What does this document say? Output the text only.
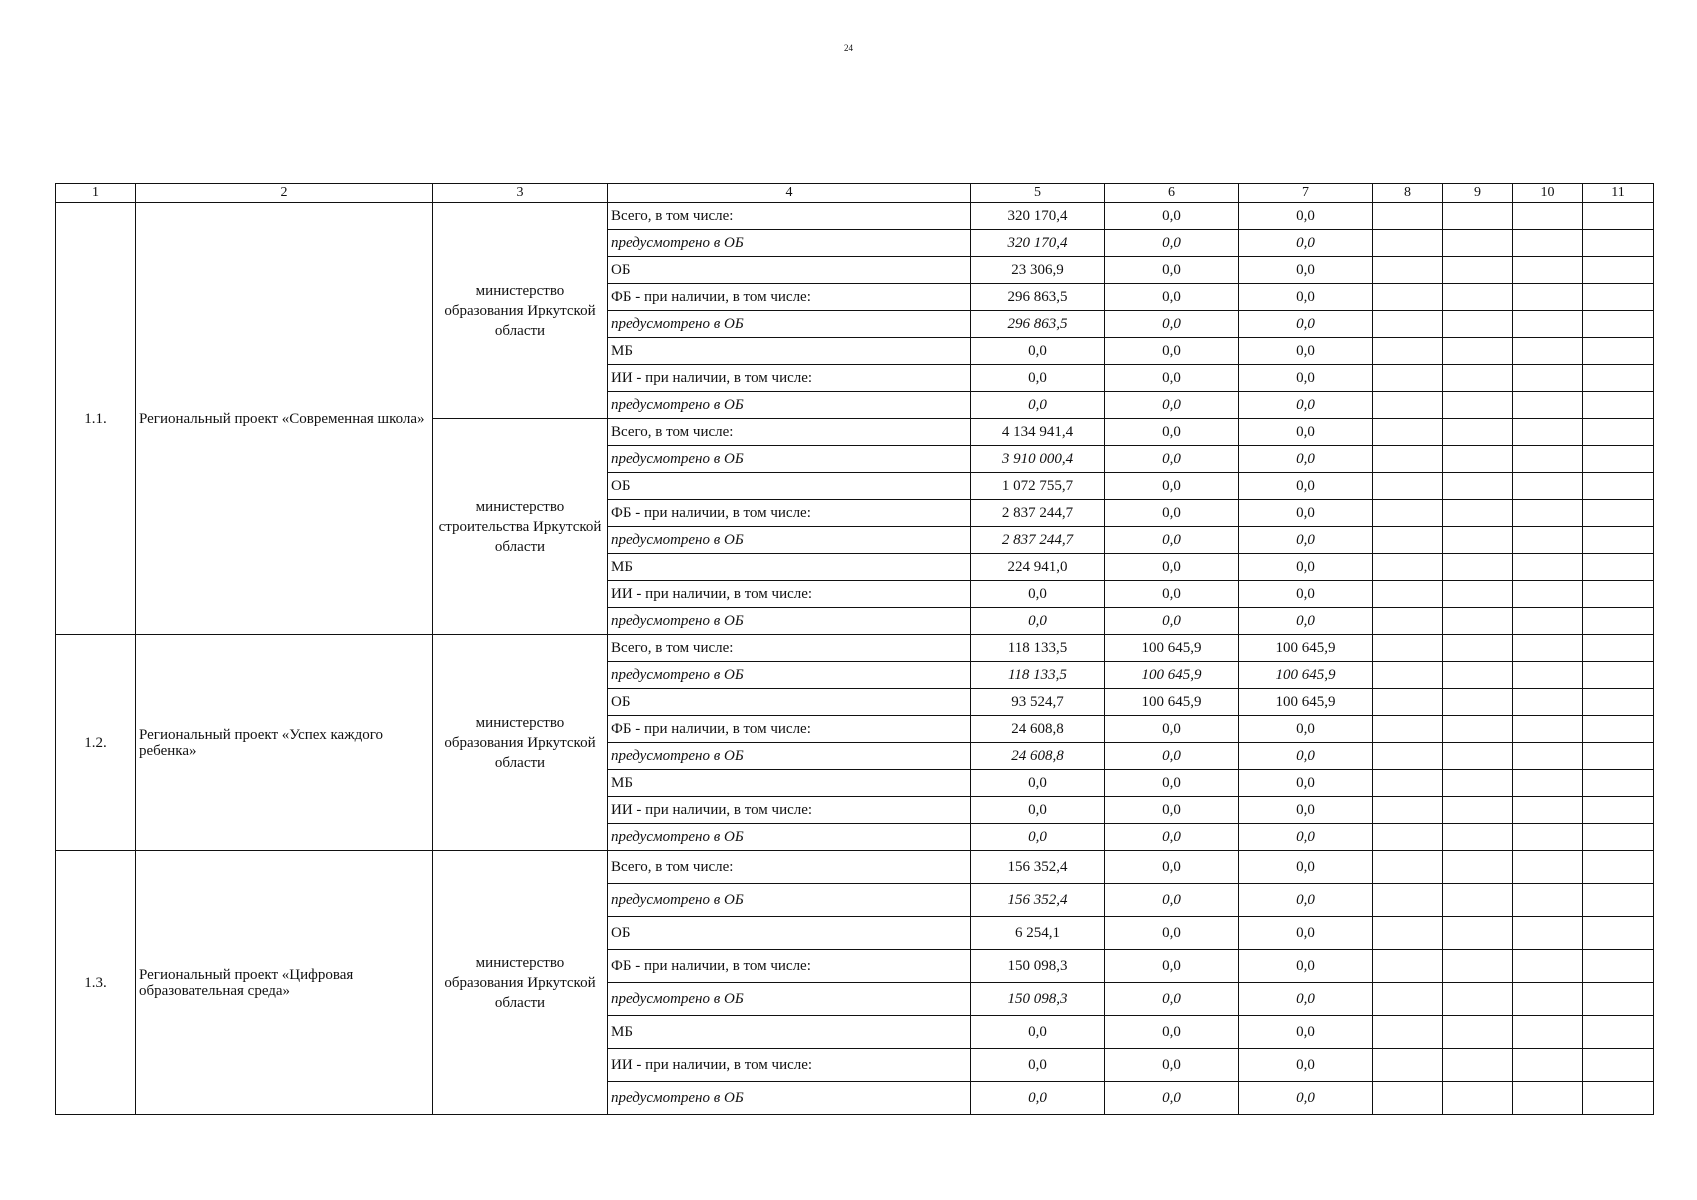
24
1	2	3	4	5	6	7	8	9	10	11
1.1.	Региональный проект «Современная школа»	министерство образования Иркутской области	Всего, в том числе:	320 170,4	0,0	0,0				
			предусмотрено в ОБ	320 170,4	0,0	0,0				
			ОБ	23 306,9	0,0	0,0				
			ФБ - при наличии, в том числе:	296 863,5	0,0	0,0				
			предусмотрено в ОБ	296 863,5	0,0	0,0				
			МБ	0,0	0,0	0,0				
			ИИ - при наличии, в том числе:	0,0	0,0	0,0				
			предусмотрено в ОБ	0,0	0,0	0,0				
		министерство строительства Иркутской области	Всего, в том числе:	4 134 941,4	0,0	0,0				
			предусмотрено в ОБ	3 910 000,4	0,0	0,0				
			ОБ	1 072 755,7	0,0	0,0				
			ФБ - при наличии, в том числе:	2 837 244,7	0,0	0,0				
			предусмотрено в ОБ	2 837 244,7	0,0	0,0				
			МБ	224 941,0	0,0	0,0				
			ИИ - при наличии, в том числе:	0,0	0,0	0,0				
			предусмотрено в ОБ	0,0	0,0	0,0				
1.2.	Региональный проект «Успех каждого ребенка»	министерство образования Иркутской области	Всего, в том числе:	118 133,5	100 645,9	100 645,9				
			предусмотрено в ОБ	118 133,5	100 645,9	100 645,9				
			ОБ	93 524,7	100 645,9	100 645,9				
			ФБ - при наличии, в том числе:	24 608,8	0,0	0,0				
			предусмотрено в ОБ	24 608,8	0,0	0,0				
			МБ	0,0	0,0	0,0				
			ИИ - при наличии, в том числе:	0,0	0,0	0,0				
			предусмотрено в ОБ	0,0	0,0	0,0				
1.3.	Региональный проект «Цифровая образовательная среда»	министерство образования Иркутской области	Всего, в том числе:	156 352,4	0,0	0,0				
			предусмотрено в ОБ	156 352,4	0,0	0,0				
			ОБ	6 254,1	0,0	0,0				
			ФБ - при наличии, в том числе:	150 098,3	0,0	0,0				
			предусмотрено в ОБ	150 098,3	0,0	0,0				
			МБ	0,0	0,0	0,0				
			ИИ - при наличии, в том числе:	0,0	0,0	0,0				
			предусмотрено в ОБ	0,0	0,0	0,0				
